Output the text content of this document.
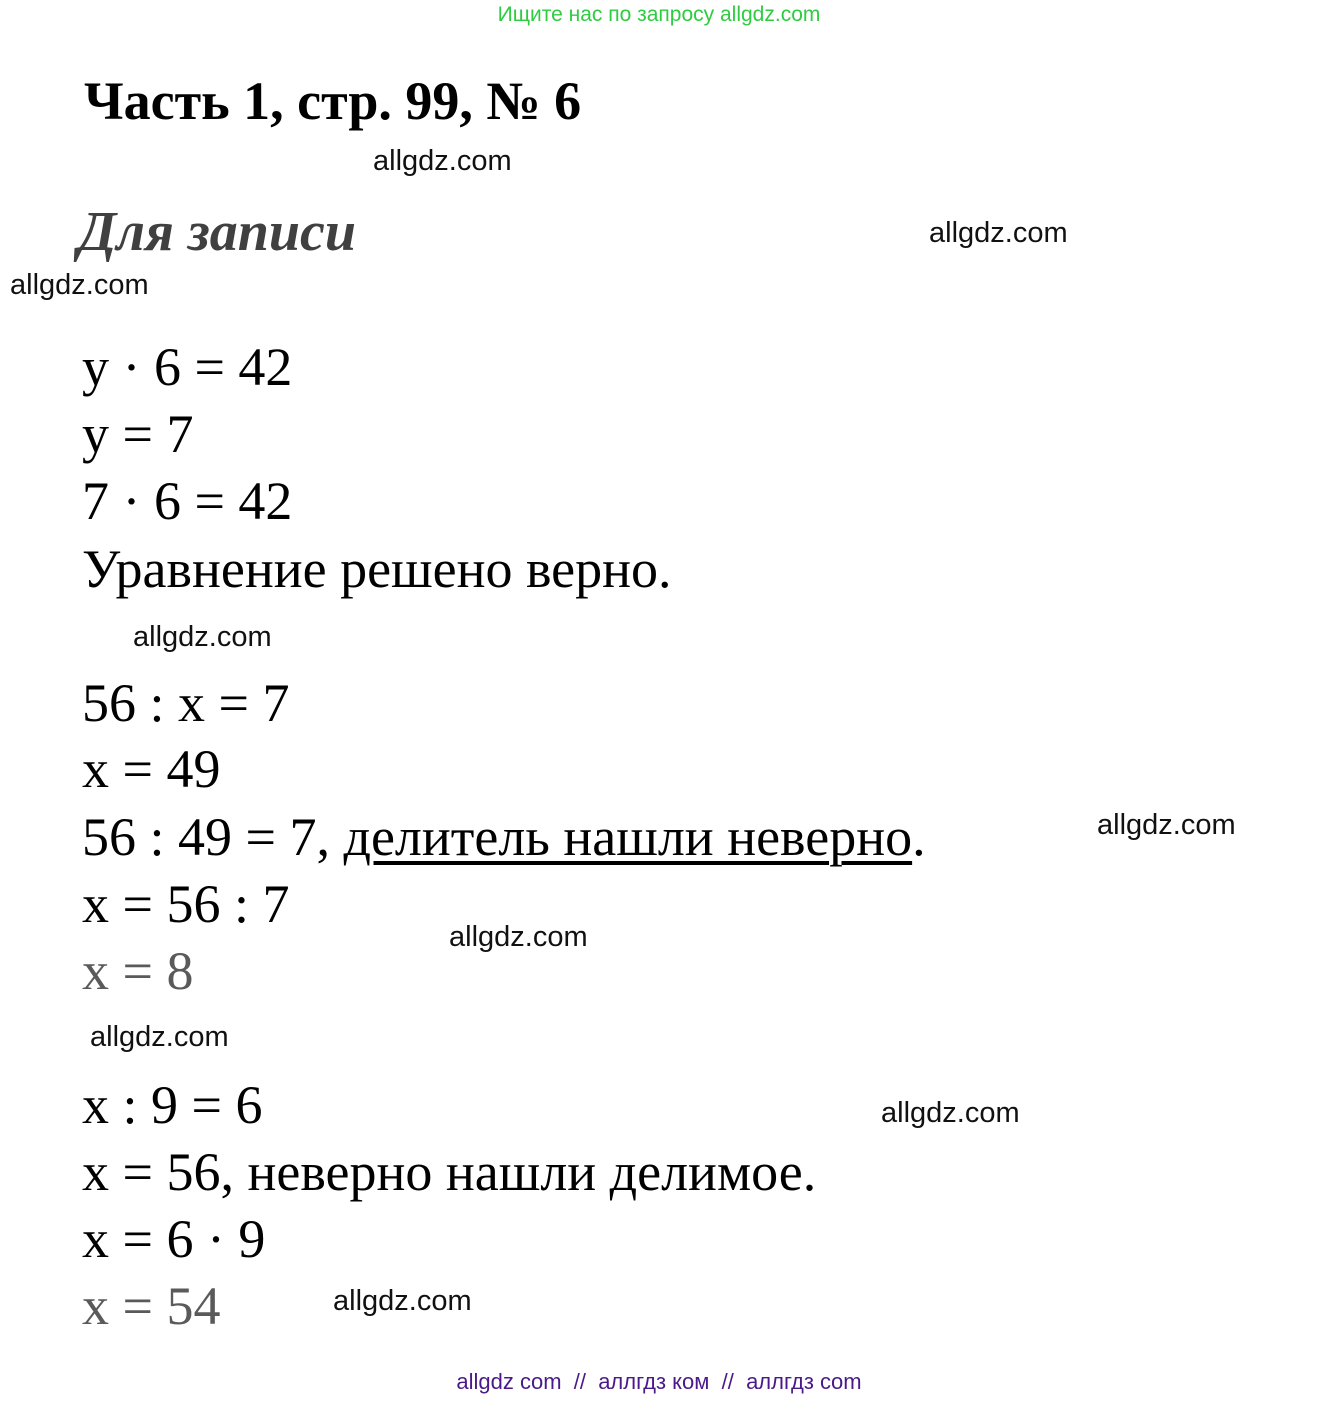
Ищите нас по запросу allgdz.com
Часть 1, стр. 99, № 6
Для записи
allgdz.com
allgdz.com
allgdz.com
allgdz.com
allgdz.com
allgdz.com
allgdz.com
allgdz.com
allgdz.com
y · 6 = 42
y = 7
7 · 6 = 42
Уравнение решено верно.
56 : x = 7
x = 49
56 : 49 = 7, делитель нашли неверно.
x = 56 : 7
x = 8
x : 9 = 6
x = 56, неверно нашли делимое.
x = 6 · 9
x = 54
allgdz com  //  аллгдз ком  //  аллгдз com
